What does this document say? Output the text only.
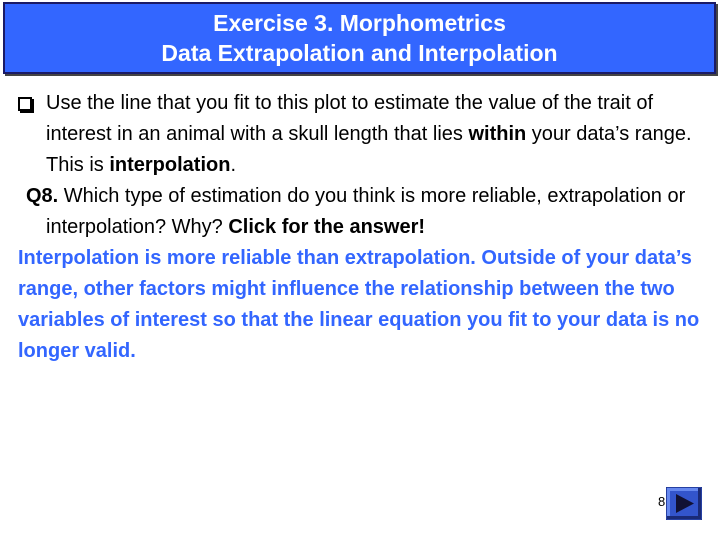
Exercise 3. Morphometrics
Data Extrapolation and Interpolation

Use the line that you fit to this plot to estimate the value of the trait of interest in an animal with a skull length that lies within your data’s range. This is interpolation.

Q8. Which type of estimation do you think is more reliable, extrapolation or interpolation? Why? Click for the answer!

Interpolation is more reliable than extrapolation. Outside of your data’s range, other factors might influence the relationship between the two variables of interest so that the linear equation you fit to your data is no longer valid.

8
